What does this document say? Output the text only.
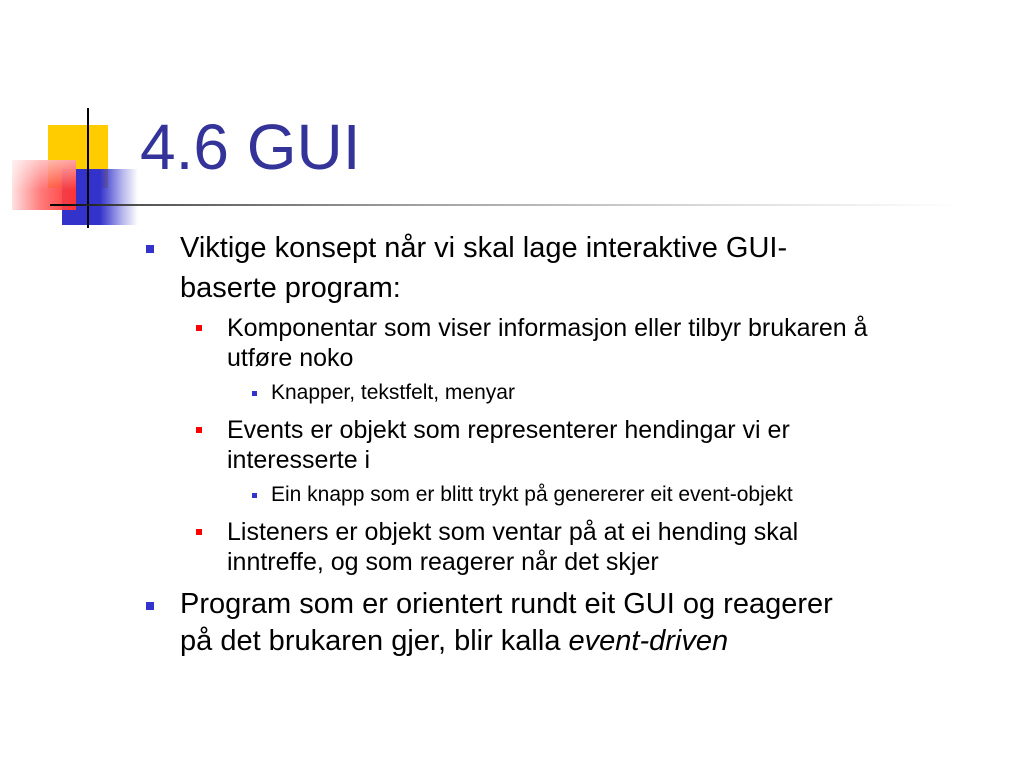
4.6 GUI
Viktige konsept når vi skal lage interaktive GUI-
baserte program:
Komponentar som viser informasjon eller tilbyr brukaren å
utføre noko
Knapper, tekstfelt, menyar
Events er objekt som representerer hendingar vi er
interesserte i
Ein knapp som er blitt trykt på genererer eit event-objekt
Listeners er objekt som ventar på at ei hending skal
inntreffe, og som reagerer når det skjer
Program som er orientert rundt eit GUI og reagerer
på det brukaren gjer, blir kalla event-driven
